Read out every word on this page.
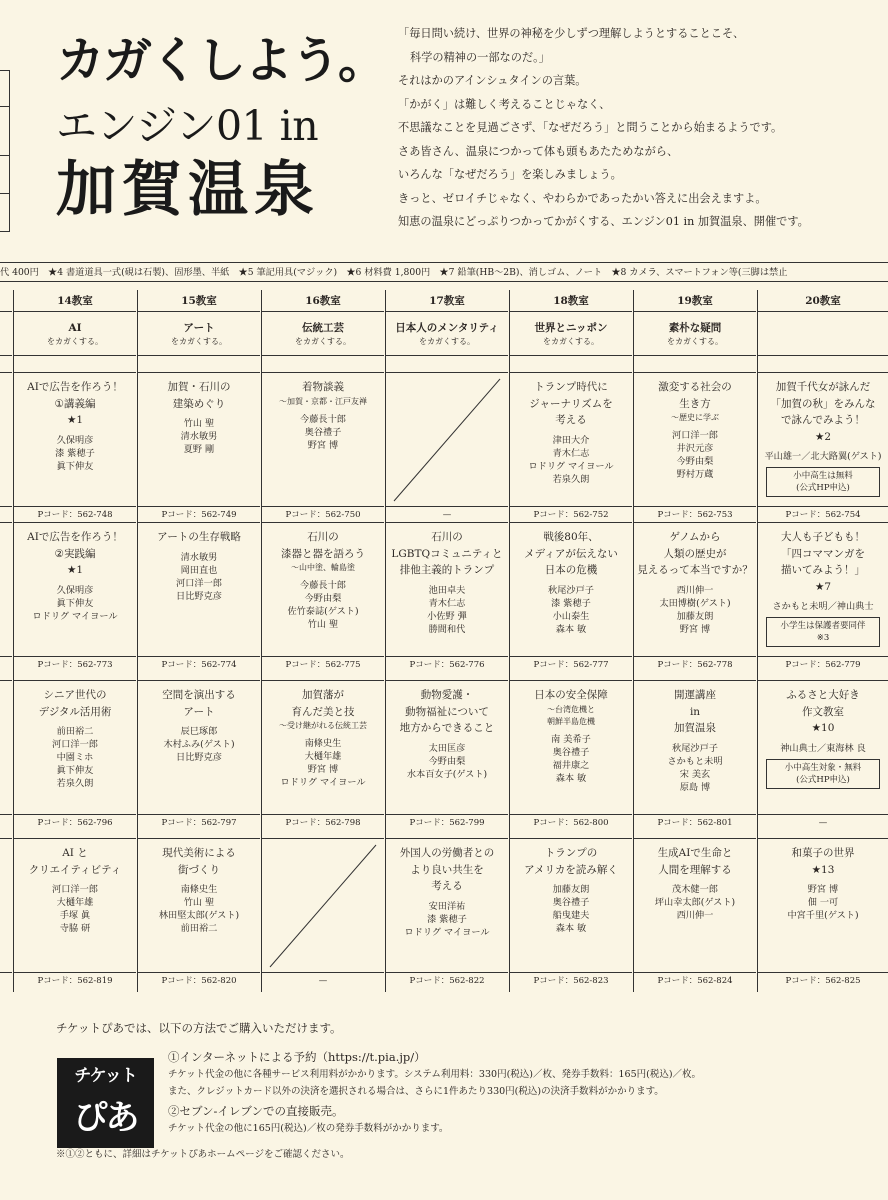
カガくしよう。
エンジン01 in
加賀温泉

「毎日問い続け、世界の神秘を少しずつ理解しようとすることこそ、

科学の精神の一部なのだ。」

それはかのアインシュタインの言葉。

「かがく」は難しく考えることじゃなく、

不思議なことを見過ごさず、「なぜだろう」と問うことから始まるようです。

さあ皆さん、温泉につかって体も頭もあたためながら、

いろんな「なぜだろう」を楽しみましょう。

きっと、ゼロイチじゃなく、やわらかであったかい答えに出会えますよ。

知恵の温泉にどっぷりつかってかがくする、エンジン01 in 加賀温泉、開催です。

代 400円　★4 書道道具一式(硯は石製)、固形墨、半紙　★5 筆記用具(マジック)　★6 材料費 1,800円　★7 鉛筆(HB〜2B)、消しゴム、ノート　★8 カメラ、スマートフォン等(三脚は禁止
14教室
AI
をカガくする。
AIで広告を作ろう！
①講義編
★1
久保明彦
漆 紫穂子
眞下伸友
Pコード：562-748
AIで広告を作ろう！
②実践編
★1
久保明彦
眞下伸友
ロドリグ マイヨール
Pコード：562-773
シニア世代の
デジタル活用術
前田裕二
河口洋一郎
中園ミホ
眞下伸友
若泉久朗
Pコード：562-796
AI と
クリエイティビティ
河口洋一郎
大樋年雄
手塚 眞
寺脇 研
Pコード：562-819
15教室
アート
をカガくする。
加賀・石川の
建築めぐり
竹山 聖
清水敏男
夏野 剛
Pコード：562-749
アートの生存戦略
清水敏男
岡田直也
河口洋一郎
日比野克彦
Pコード：562-774
空間を演出する
アート
辰巳琢郎
木村ふみ(ゲスト)
日比野克彦
Pコード：562-797
現代美術による
街づくり
南條史生
竹山 聖
林田堅太郎(ゲスト)
前田裕二
Pコード：562-820
16教室
伝統工芸
をカガくする。
着物談義
〜加賀・京都・江戸友禅
今藤長十郎
奥谷禮子
野宮 博
Pコード：562-750
石川の
漆器と器を語ろう
〜山中塗、輪島塗
今藤長十郎
今野由梨
佐竹泰誌(ゲスト)
竹山 聖
Pコード：562-775
加賀藩が
育んだ美と技
〜受け継がれる伝統工芸
南條史生
大樋年雄
野宮 博
ロドリグ マイヨール
Pコード：562-798
—
17教室
日本人のメンタリティ
をカガくする。
—
石川の
LGBTQコミュニティと
排他主義的トランプ
池田卓夫
青木仁志
小佐野 彈
勝間和代
Pコード：562-776
動物愛護・
動物福祉について
地方からできること
太田匡彦
今野由梨
水本百女子(ゲスト)
Pコード：562-799
外国人の労働者との
より良い共生を
考える
安田洋祐
漆 紫穂子
ロドリグ マイヨール
Pコード：562-822
18教室
世界とニッポン
をカガくする。
トランプ時代に
ジャーナリズムを
考える
津田大介
青木仁志
ロドリグ マイヨール
若泉久朗
Pコード：562-752
戦後80年、
メディアが伝えない
日本の危機
秋尾沙戸子
漆 紫穂子
小山泰生
森本 敏
Pコード：562-777
日本の安全保障
〜台湾危機と
朝鮮半島危機
南 美希子
奥谷禮子
福井康之
森本 敏
Pコード：562-800
トランプの
アメリカを読み解く
加藤友朗
奥谷禮子
船曳建夫
森本 敏
Pコード：562-823
19教室
素朴な疑問
をカガくする。
激変する社会の
生き方
〜歴史に学ぶ
河口洋一郎
井沢元彦
今野由梨
野村万蔵
Pコード：562-753
ゲノムから
人類の歴史が
見えるって本当ですか？
西川伸一
太田博樹(ゲスト)
加藤友朗
野宮 博
Pコード：562-778
開運講座
in
加賀温泉
秋尾沙戸子
さかもと未明
宋 美玄
原島 博
Pコード：562-801
生成AIで生命と
人間を理解する
茂木健一郎
坪山幸太郎(ゲスト)
西川伸一
Pコード：562-824
20教室
加賀千代女が詠んだ
「加賀の秋」をみんな
で詠んでみよう！
★2
平山雄一／北大路翼(ゲスト)
小中高生は無料
(公式HP申込)
Pコード：562-754
大人も子どもも！
「四コママンガを
描いてみよう！」
★7
さかもと未明／神山典士
小学生は保護者要同伴
※3
Pコード：562-779
ふるさと大好き
作文教室
★10
神山典士／東海林 良
小中高生対象・無料
(公式HP申込)
—
和菓子の世界
★13
野宮 博
佃 一可
中宮千里(ゲスト)
Pコード：562-825
チケットぴあでは、以下の方法でご購入いただけます。
チケット
ぴあ
①インターネットによる予約（https://t.pia.jp/）
チケット代金の他に各種サービス利用料がかかります。システム利用料：330円(税込)／枚、発券手数料：165円(税込)／枚。
また、クレジットカード以外の決済を選択される場合は、さらに1件あたり330円(税込)の決済手数料がかかります。
②セブン-イレブンでの直接販売。
チケット代金の他に165円(税込)／枚の発券手数料がかかります。
※①②ともに、詳細はチケットぴあホームページをご確認ください。
